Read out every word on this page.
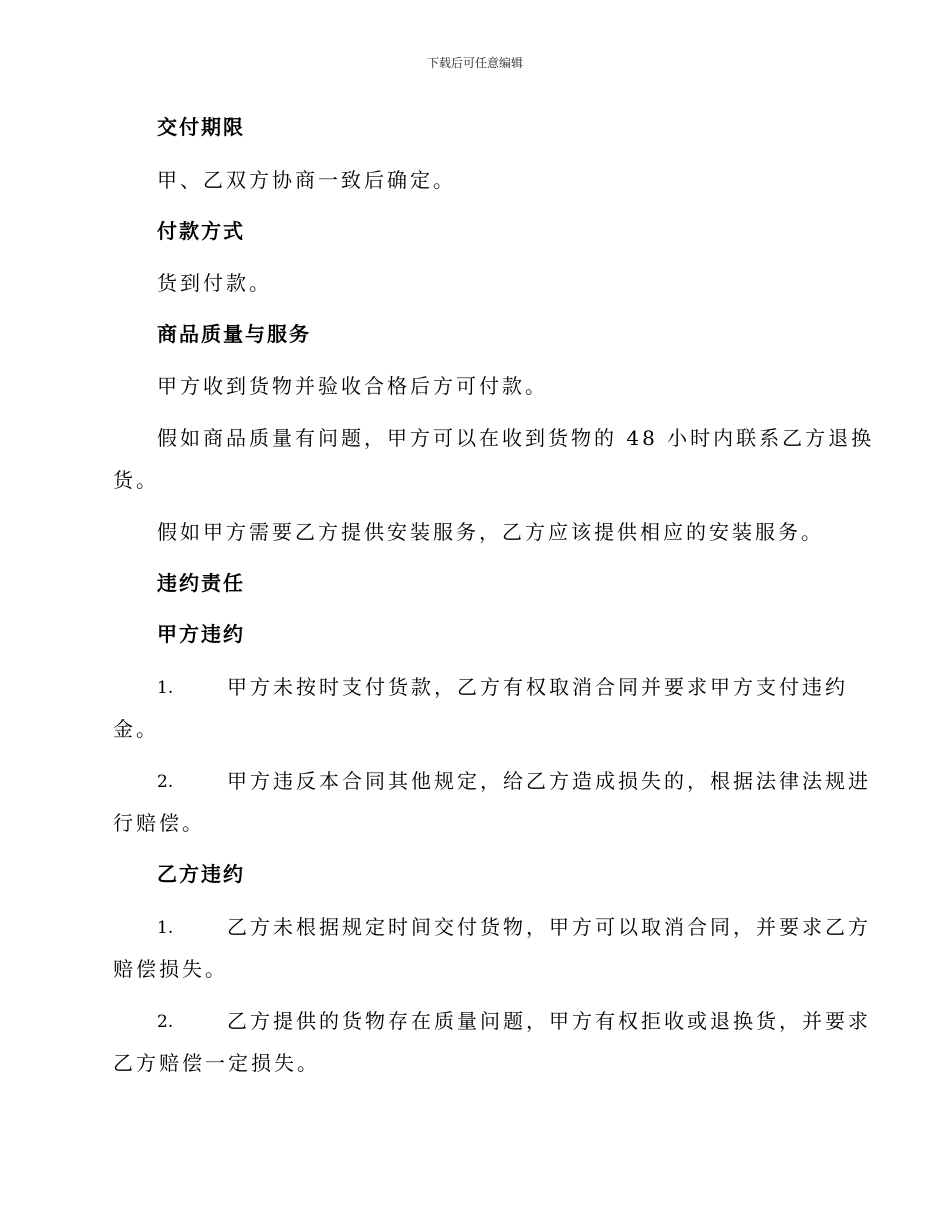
下载后可任意编辑
交付期限
甲、乙双方协商一致后确定。
付款方式
货到付款。
商品质量与服务
甲方收到货物并验收合格后方可付款。
假如商品质量有问题，甲方可以在收到货物的 48 小时内联系乙方退换
货。
假如甲方需要乙方提供安装服务，乙方应该提供相应的安装服务。
违约责任
甲方违约
1.	甲方未按时支付货款，乙方有权取消合同并要求甲方支付违约
金。
2.	甲方违反本合同其他规定，给乙方造成损失的，根据法律法规进
行赔偿。
乙方违约
1.	乙方未根据规定时间交付货物，甲方可以取消合同，并要求乙方
赔偿损失。
2.	乙方提供的货物存在质量问题，甲方有权拒收或退换货，并要求
乙方赔偿一定损失。
